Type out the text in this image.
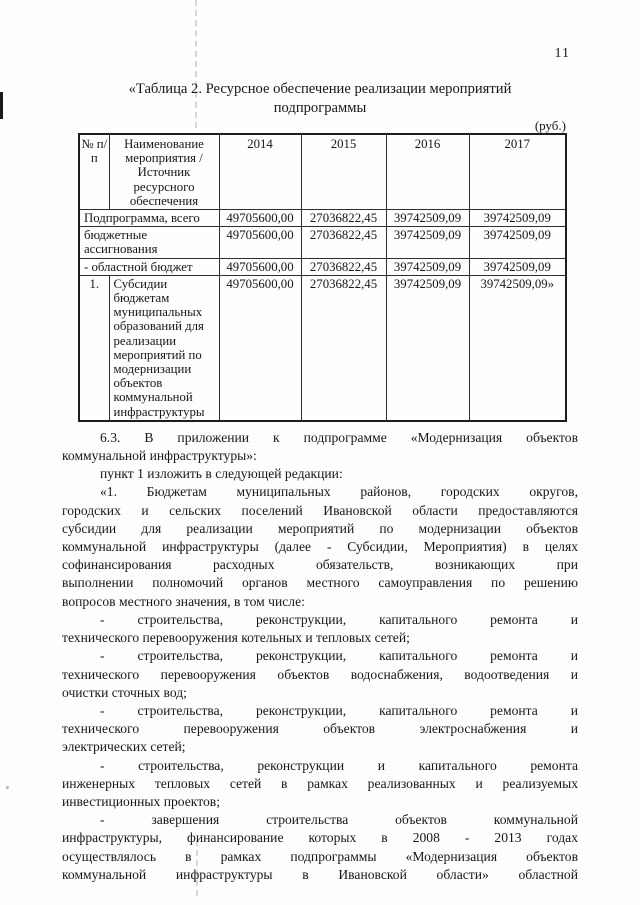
11
«Таблица 2. Ресурсное обеспечение реализации мероприятий
подпрограммы
(руб.)
№ п/п	Наименование мероприятия / Источник ресурсного обеспечения	2014	2015	2016	2017
Подпрограмма, всего		49705600,00	27036822,45	39742509,09	39742509,09
бюджетные ассигнования		49705600,00	27036822,45	39742509,09	39742509,09
- областной бюджет		49705600,00	27036822,45	39742509,09	39742509,09
1.	Субсидии бюджетам муниципальных образований для реализации мероприятий по модернизации объектов коммунальной инфраструктуры	49705600,00	27036822,45	39742509,09	39742509,09»
6.3. В приложении к подпрограмме «Модернизация объектов
коммунальной инфраструктуры»:
пункт 1 изложить в следующей редакции:
«1. Бюджетам муниципальных районов, городских округов,
городских и сельских поселений Ивановской области предоставляются
субсидии для реализации мероприятий по модернизации объектов
коммунальной инфраструктуры (далее - Субсидии, Мероприятия) в целях
софинансирования расходных обязательств, возникающих при
выполнении полномочий органов местного самоуправления по решению
вопросов местного значения, в том числе:
- строительства, реконструкции, капитального ремонта и
технического перевооружения котельных и тепловых сетей;
- строительства, реконструкции, капитального ремонта и
технического перевооружения объектов водоснабжения, водоотведения и
очистки сточных вод;
- строительства, реконструкции, капитального ремонта и
технического перевооружения объектов электроснабжения и
электрических сетей;
- строительства, реконструкции и капитального ремонта
инженерных тепловых сетей в рамках реализованных и реализуемых
инвестиционных проектов;
- завершения строительства объектов коммунальной
инфраструктуры, финансирование которых в 2008 - 2013 годах
осуществлялось в рамках подпрограммы «Модернизация объектов
коммунальной инфраструктуры в Ивановской области» областной
